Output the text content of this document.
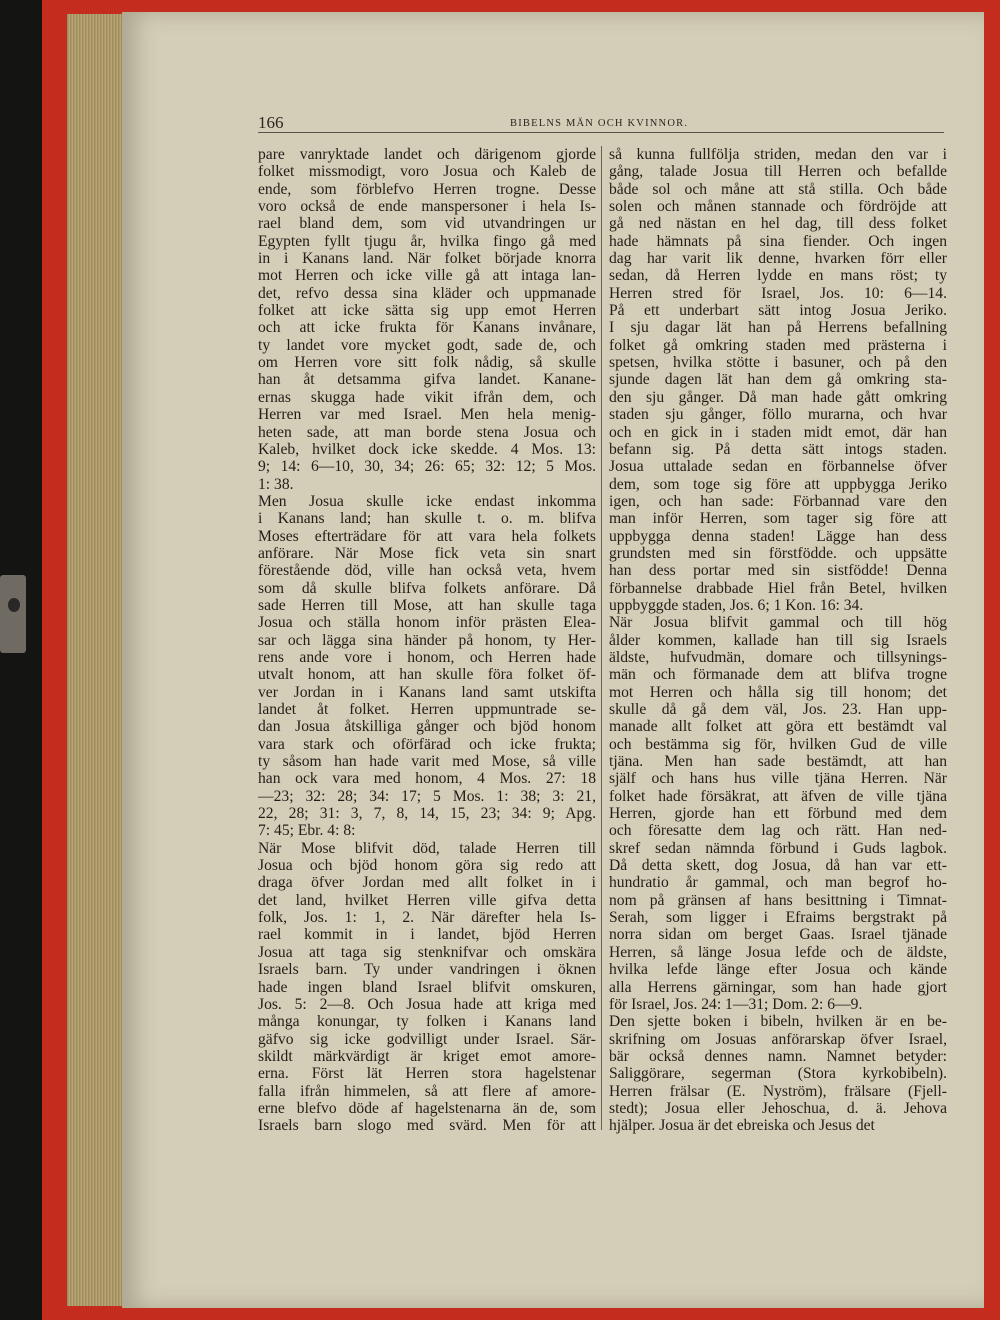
166	BIBELNS MÄN OCH KVINNOR.
pare vanryktade landet och därigenom gjorde
folket missmodigt, voro Josua och Kaleb de
ende, som förblefvo Herren trogne. Desse
voro också de ende manspersoner i hela Is-
rael bland dem, som vid utvandringen ur
Egypten fyllt tjugu år, hvilka fingo gå med
in i Kanans land. När folket började knorra
mot Herren och icke ville gå att intaga lan-
det, refvo dessa sina kläder och uppmanade
folket att icke sätta sig upp emot Herren
och att icke frukta för Kanans invånare,
ty landet vore mycket godt, sade de, och
om Herren vore sitt folk nådig, så skulle
han åt detsamma gifva landet. Kananе-
ernas skugga hade vikit ifrån dem, och
Herren var med Israel. Men hela menig-
heten sade, att man borde stena Josua och
Kaleb, hvilket dock icke skedde. 4 Mos. 13:
9; 14: 6—10, 30, 34; 26: 65; 32: 12; 5 Mos.
1: 38.
Men Josua skulle icke endast inkomma
i Kanans land; han skulle t. o. m. blifva
Moses efterträdare för att vara hela folkets
anförare. När Mose fick veta sin snart
förestående död, ville han också veta, hvem
som då skulle blifva folkets anförare. Då
sade Herren till Mose, att han skulle taga
Josua och ställa honom inför prästen Elea-
sar och lägga sina händer på honom, ty Her-
rens ande vore i honom, och Herren hade
utvalt honom, att han skulle föra folket öf-
ver Jordan in i Kanans land samt utskifta
landet åt folket. Herren uppmuntrade se-
dan Josua åtskilliga gånger och bjöd honom
vara stark och oförfärad och icke frukta;
ty såsom han hade varit med Mose, så ville
han ock vara med honom, 4 Mos. 27: 18
—23; 32: 28; 34: 17; 5 Mos. 1: 38; 3: 21,
22, 28; 31: 3, 7, 8, 14, 15, 23; 34: 9; Apg.
7: 45; Ebr. 4: 8:
När Mose blifvit död, talade Herren till
Josua och bjöd honom göra sig redo att
draga öfver Jordan med allt folket in i
det land, hvilket Herren ville gifva detta
folk, Jos. 1: 1, 2. När därefter hela Is-
rael kommit in i landet, bjöd Herren
Josua att taga sig stenknifvar och omskära
Israels barn. Ty under vandringen i öknen
hade ingen bland Israel blifvit omskuren,
Jos. 5: 2—8. Och Josua hade att kriga med
många konungar, ty folken i Kanans land
gäfvo sig icke godvilligt under Israel. Sär-
skildt märkvärdigt är kriget emot amore-
erna. Först lät Herren stora hagelstenar
falla ifrån himmelen, så att flere af amore-
erne blefvo döde af hagelstenarna än de, som
Israels barn slogo med svärd. Men för att
så kunna fullfölja striden, medan den var i
gång, talade Josua till Herren och befallde
både sol och måne att stå stilla. Och både
solen och månen stannade och fördröjde att
gå ned nästan en hel dag, till dess folket
hade hämnats på sina fiender. Och ingen
dag har varit lik denne, hvarken förr eller
sedan, då Herren lydde en mans röst; ty
Herren stred för Israel, Jos. 10: 6—14.
På ett underbart sätt intog Josua Jeriko.
I sju dagar lät han på Herrens befallning
folket gå omkring staden med prästerna i
spetsen, hvilka stötte i basuner, och på den
sjunde dagen lät han dem gå omkring sta-
den sju gånger. Då man hade gått omkring
staden sju gånger, föllo murarna, och hvar
och en gick in i staden midt emot, där han
befann sig. På detta sätt intogs staden.
Josua uttalade sedan en förbannelse öfver
dem, som toge sig före att uppbygga Jeriko
igen, och han sade: Förbannad vare den
man inför Herren, som tager sig före att
uppbygga denna staden! Lägge han dess
grundsten med sin förstfödde. och uppsätte
han dess portar med sin sistfödde! Denna
förbannelse drabbade Hiel från Betel, hvilken
uppbyggde staden, Jos. 6; 1 Kon. 16: 34.
När Josua blifvit gammal och till hög
ålder kommen, kallade han till sig Israels
äldste, hufvudmän, domare och tillsynings-
män och förmanade dem att blifva trogne
mot Herren och hålla sig till honom; det
skulle då gå dem väl, Jos. 23. Han upp-
manade allt folket att göra ett bestämdt val
och bestämma sig för, hvilken Gud de ville
tjäna. Men han sade bestämdt, att han
själf och hans hus ville tjäna Herren. När
folket hade försäkrat, att äfven de ville tjäna
Herren, gjorde han ett förbund med dem
och föresatte dem lag och rätt. Han ned-
skref sedan nämnda förbund i Guds lagbok.
Då detta skett, dog Josua, då han var ett-
hundratio år gammal, och man begrof ho-
nom på gränsen af hans besittning i Timnat-
Serah, som ligger i Efraims bergstrakt på
norra sidan om berget Gaas. Israel tjänade
Herren, så länge Josua lefde och de äldste,
hvilka lefde länge efter Josua och kände
alla Herrens gärningar, som han hade gjort
för Israel, Jos. 24: 1—31; Dom. 2: 6—9.
Den sjette boken i bibeln, hvilken är en be-
skrifning om Josuas anförarskap öfver Israel,
bär också dennes namn. Namnet betyder:
Saliggörare, segerman (Stora kyrkobibeln).
Herren frälsar (E. Nyström), frälsare (Fjell-
stedt); Josua eller Jehoschua, d. ä. Jehova
hjälper. Josua är det ebreiska och Jesus det
